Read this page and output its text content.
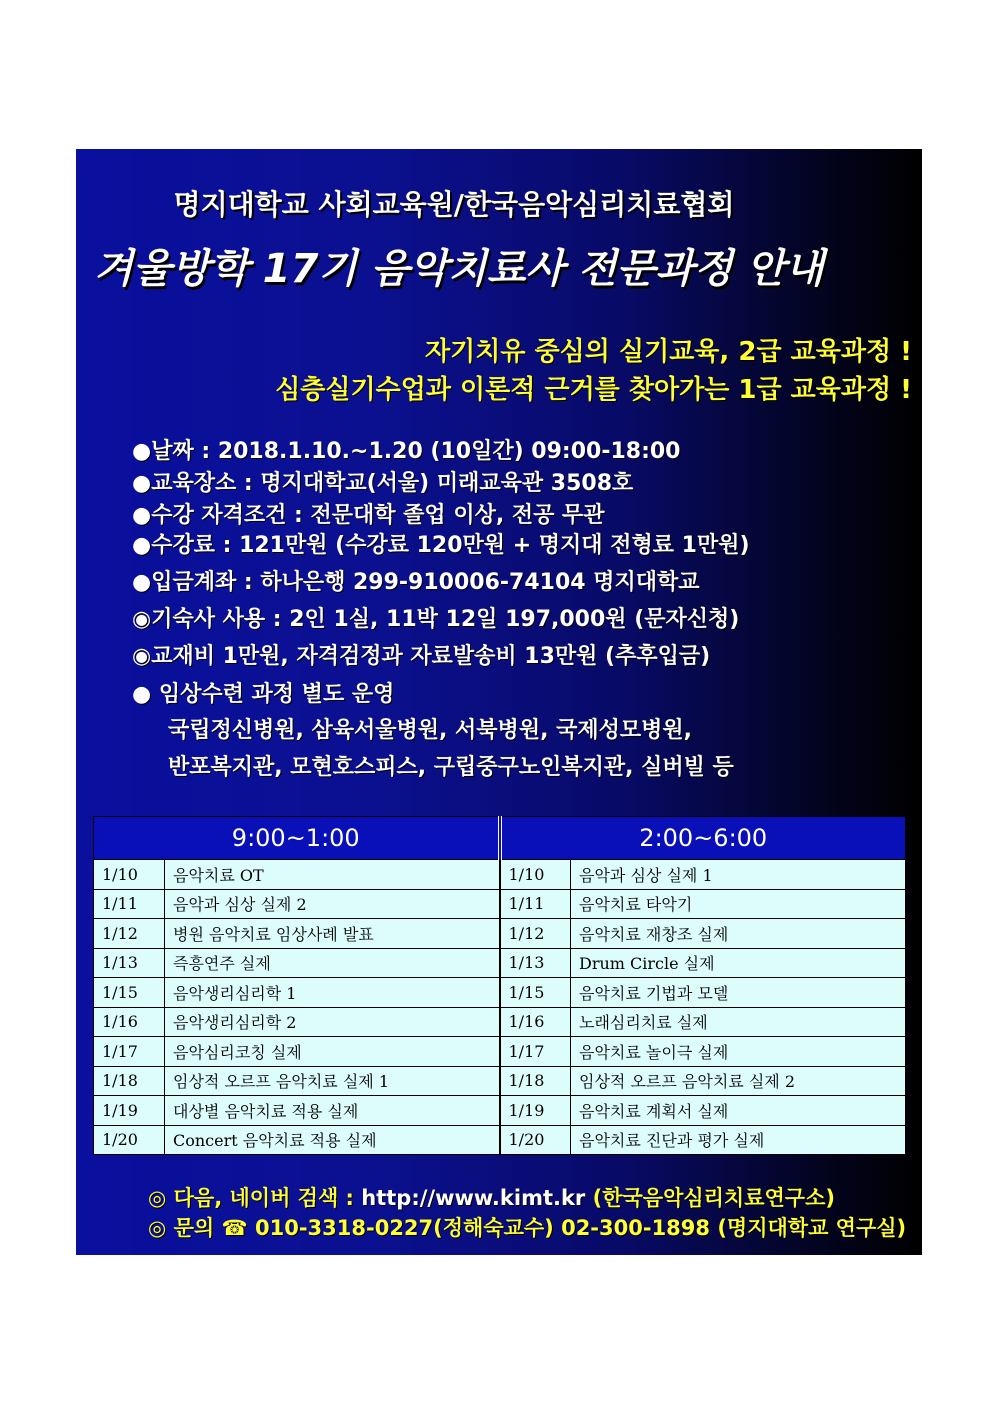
명지대학교 사회교육원/한국음악심리치료협회
겨울방학 17기 음악치료사 전문과정 안내
자기치유 중심의 실기교육, 2급 교육과정 !
심층실기수업과 이론적 근거를 찾아가는 1급 교육과정 !
●날짜 : 2018.1.10.~1.20 (10일간) 09:00-18:00
●교육장소 : 명지대학교(서울) 미래교육관 3508호
●수강 자격조건 : 전문대학 졸업 이상, 전공 무관
●수강료 : 121만원 (수강료 120만원 + 명지대 전형료 1만원)
●입금계좌 : 하나은행 299-910006-74104 명지대학교
◉기숙사 사용 : 2인 1실, 11박 12일 197,000원 (문자신청)
◉교재비 1만원, 자격검정과 자료발송비 13만원 (추후입금)
● 임상수련 과정 별도 운영
국립정신병원, 삼육서울병원, 서북병원, 국제성모병원,
반포복지관, 모현호스피스, 구립중구노인복지관, 실버빌 등
9:00~1:00		2:00~6:00	
1/10	음악치료 OT	1/10	음악과 심상 실제 1
1/11	음악과 심상 실제 2	1/11	음악치료 타악기
1/12	병원 음악치료 임상사례 발표	1/12	음악치료 재창조 실제
1/13	즉흥연주 실제	1/13	Drum Circle 실제
1/15	음악생리심리학 1	1/15	음악치료 기법과 모델
1/16	음악생리심리학 2	1/16	노래심리치료 실제
1/17	음악심리코칭 실제	1/17	음악치료 놀이극 실제
1/18	임상적 오르프 음악치료 실제 1	1/18	임상적 오르프 음악치료 실제 2
1/19	대상별 음악치료 적용 실제	1/19	음악치료 계획서 실제
1/20	Concert 음악치료 적용 실제	1/20	음악치료 진단과 평가 실제
◎ 다음, 네이버 검색 : http://www.kimt.kr (한국음악심리치료연구소)
◎ 문의 ☎ 010-3318-0227(정해숙교수) 02-300-1898 (명지대학교 연구실)
